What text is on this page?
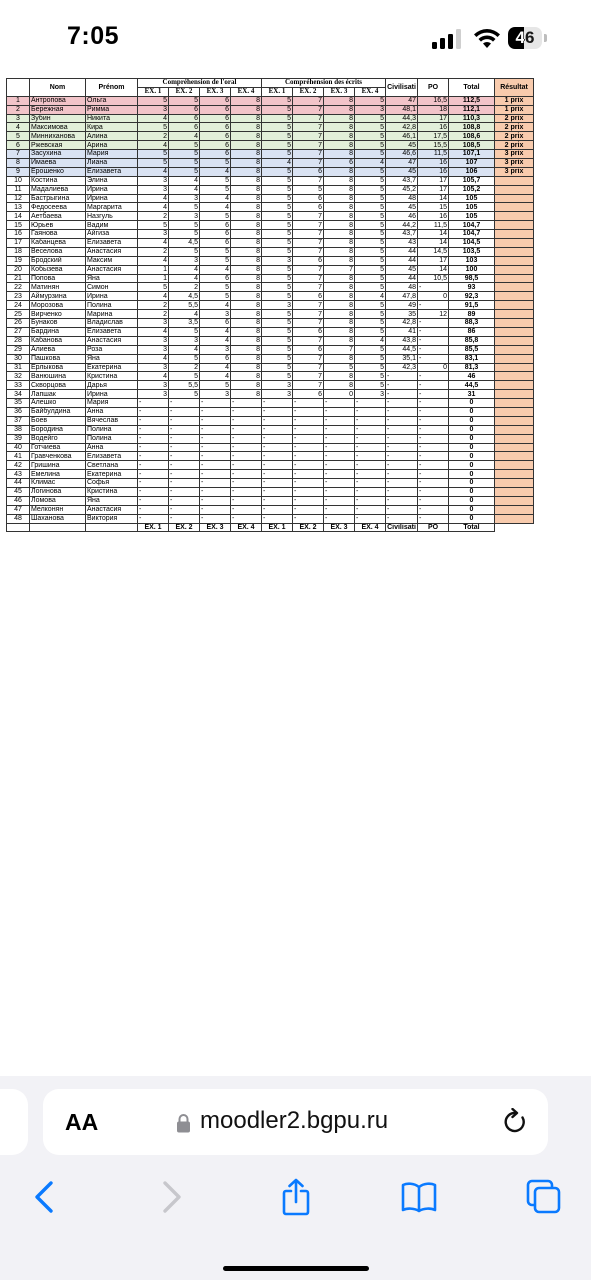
7:05	46
	Nom	Prénom	Compréhension de l'oral				Compréhension des écrits				Civilisati	PO	Total	Résultat
			EX. 1	EX. 2	EX. 3	EX. 4	EX. 1	EX. 2	EX. 3	EX. 4				
1	Антропова	Ольга	5	5	6	8	5	7	8	5	47	16,5	112,5	1 prix
2	Бережная	Римма	3	6	6	8	5	7	8	3	48,1	18	112,1	1 prix
3	Зубин	Никита	4	6	6	8	5	7	8	5	44,3	17	110,3	2 prix
4	Максимова	Кира	5	6	6	8	5	7	8	5	42,8	16	108,8	2 prix
5	Минниханова	Алина	2	4	6	8	5	7	8	5	46,1	17,5	108,6	2 prix
6	Ржевская	Арина	4	5	6	8	5	7	8	5	45	15,5	108,5	2 prix
7	Засухина	Мария	5	5	6	8	5	7	8	5	46,6	11,5	107,1	3 prix
8	Имаева	Лиана	5	5	5	8	4	7	6	4	47	16	107	3 prix
9	Ерошенко	Елизавета	4	5	4	8	5	6	8	5	45	16	106	3 prix
10	Костина	Элина	3	4	5	8	5	7	8	5	43,7	17	105,7	
11	Мадалиева	Ирина	3	4	5	8	5	5	8	5	45,2	17	105,2	
12	Бастрыгина	Ирина	4	3	4	8	5	6	8	5	48	14	105	
13	Федосеева	Маргарита	4	5	4	8	5	6	8	5	45	15	105	
14	Аетбаева	Назгуль	2	3	5	8	5	7	8	5	46	16	105	
15	Юрьев	Вадим	5	5	6	8	5	7	8	5	44,2	11,5	104,7	
16	Гаянова	Айгиза	3	5	6	8	5	7	8	5	43,7	14	104,7	
17	Кабанцева	Елизавета	4	4,5	6	8	5	7	8	5	43	14	104,5	
18	Веселова	Анастасия	2	5	5	8	5	7	8	5	44	14,5	103,5	
19	Бродский	Максим	4	3	5	8	3	6	8	5	44	17	103	
20	Кобызева	Анастасия	1	4	4	8	5	7	7	5	45	14	100	
21	Попова	Яна	1	4	6	8	5	7	8	5	44	10,5	98,5	
22	Матинян	Симон	5	2	5	8	5	7	8	5	48	-	93	
23	Аймурзина	Ирина	4	4,5	5	8	5	6	8	4	47,8	0	92,3	
24	Морозова	Полина	2	5,5	4	8	3	7	8	5	49	-	91,5	
25	Вирченко	Марина	2	4	3	8	5	7	8	5	35	12	89	
26	Бунаков	Владислав	3	3,5	6	8	5	7	8	5	42,8	-	88,3	
27	Бардина	Елизавета	4	5	4	8	5	6	8	5	41	-	86	
28	Кабанова	Анастасия	3	3	4	8	5	7	8	4	43,8	-	85,8	
29	Алиева	Роза	3	4	3	8	5	6	7	5	44,5	-	85,5	
30	Пашкова	Яна	4	5	6	8	5	7	8	5	35,1	-	83,1	
31	Ерлыкова	Екатерина	3	2	4	8	5	7	5	5	42,3	0	81,3	
32	Ванюшина	Кристина	4	5	4	8	5	7	8	5	-	-	46	
33	Скворцова	Дарья	3	5,5	5	8	3	7	8	5	-	-	44,5	
34	Лапшак	Ирина	3	5	3	8	3	6	0	3	-	-	31	
35	Алешко	Мария	-	-	-	-	-	-	-	-	-	-	0	
36	Байбулдина	Анна	-	-	-	-	-	-	-	-	-	-	0	
37	Боев	Вячеслав	-	-	-	-	-	-	-	-	-	-	0	
38	Бородина	Полина	-	-	-	-	-	-	-	-	-	-	0	
39	Водейго	Полина	-	-	-	-	-	-	-	-	-	-	0	
40	Готчиева	Анна	-	-	-	-	-	-	-	-	-	-	0	
41	Гравченкова	Елизавета	-	-	-	-	-	-	-	-	-	-	0	
42	Гришина	Светлана	-	-	-	-	-	-	-	-	-	-	0	
43	Емелина	Екатерина	-	-	-	-	-	-	-	-	-	-	0	
44	Климас	Софья	-	-	-	-	-	-	-	-	-	-	0	
45	Логинова	Кристина	-	-	-	-	-	-	-	-	-	-	0	
46	Ломова	Яна	-	-	-	-	-	-	-	-	-	-	0	
47	Мелконян	Анастасия	-	-	-	-	-	-	-	-	-	-	0	
48	Шаханова	Виктория	-	-	-	-	-	-	-	-	-	-	0	
			EX. 1	EX. 2	EX. 3	EX. 4	EX. 1	EX. 2	EX. 3	EX. 4	Civilisati	PO	Total	
AA	moodler2.bgpu.ru
